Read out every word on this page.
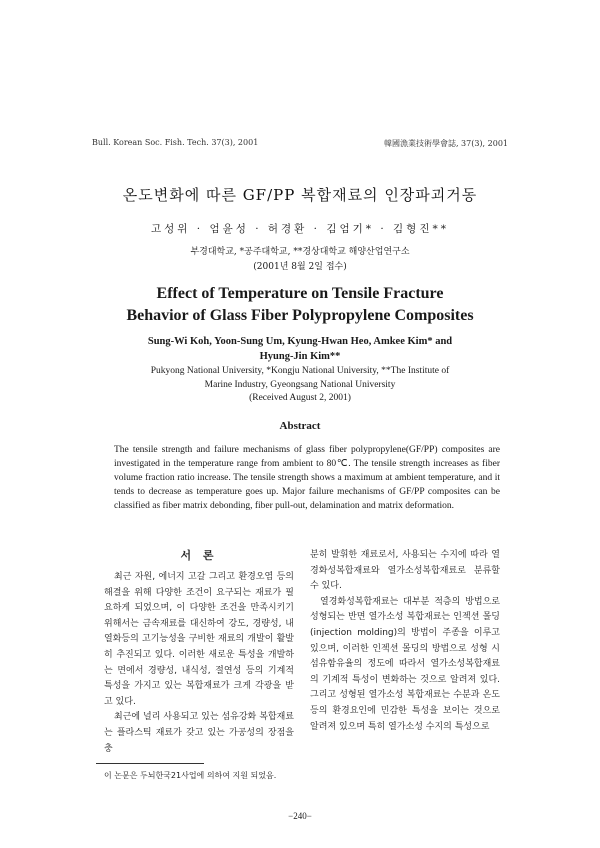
Bull. Korean Soc. Fish. Tech. 37(3), 2001	韓國漁業技術學會誌, 37(3), 2001
온도변화에 따른 GF/PP 복합재료의 인장파괴거동
고성위 · 엄윤성 · 허경환 · 김엄기* · 김형진**
부경대학교, *공주대학교, **경상대학교 해양산업연구소
(2001년 8월 2일 접수)
Effect of Temperature on Tensile Fracture
Behavior of Glass Fiber Polypropylene Composites
Sung-Wi Koh, Yoon-Sung Um, Kyung-Hwan Heo, Amkee Kim* and
Hyung-Jin Kim**
Pukyong National University, *Kongju National University, **The Institute of
Marine Industry, Gyeongsang National University
(Received August 2, 2001)
Abstract
The tensile strength and failure mechanisms of glass fiber polypropylene(GF/PP) composites are investigated in the temperature range from ambient to 80℃. The tensile strength increases as fiber volume fraction ratio increase. The tensile strength shows a maximum at ambient temperature, and it tends to decrease as temperature goes up. Major failure mechanisms of GF/PP composites can be classified as fiber matrix debonding, fiber pull-out, delamination and matrix deformation.
서 론

최근 자원, 에너지 고갈 그리고 환경오염 등의 해결을 위해 다양한 조건이 요구되는 재료가 필요하게 되었으며, 이 다양한 조건을 만족시키기 위해서는 금속재료를 대신하여 강도, 경량성, 내열화등의 고기능성을 구비한 재료의 개발이 활발히 추진되고 있다. 이러한 새로운 특성을 개발하는 면에서 경량성, 내식성, 절연성 등의 기계적 특성을 가지고 있는 복합재료가 크게 각광을 받고 있다.

최근에 널리 사용되고 있는 섬유강화 복합재료는 플라스틱 재료가 갖고 있는 가공성의 장점을 충

분히 발휘한 재료로서, 사용되는 수지에 따라 열경화성복합재료와 열가소성복합재료로 분류할 수 있다.

열경화성복합재료는 대부분 적층의 방법으로 성형되는 반면 열가소성 복합재료는 인젝션 몰딩(injection molding)의 방법이 주종을 이루고 있으며, 이러한 인젝션 몰딩의 방법으로 성형 시 섬유함유율의 정도에 따라서 열가소성복합재료의 기계적 특성이 변화하는 것으로 알려져 있다. 그리고 성형된 열가소성 복합재료는 수분과 온도 등의 환경요인에 민감한 특성을 보이는 것으로 알려져 있으며 특히 열가소성 수지의 특성으로

이 논문은 두뇌한국21사업에 의하여 지원 되었음.
−240−
